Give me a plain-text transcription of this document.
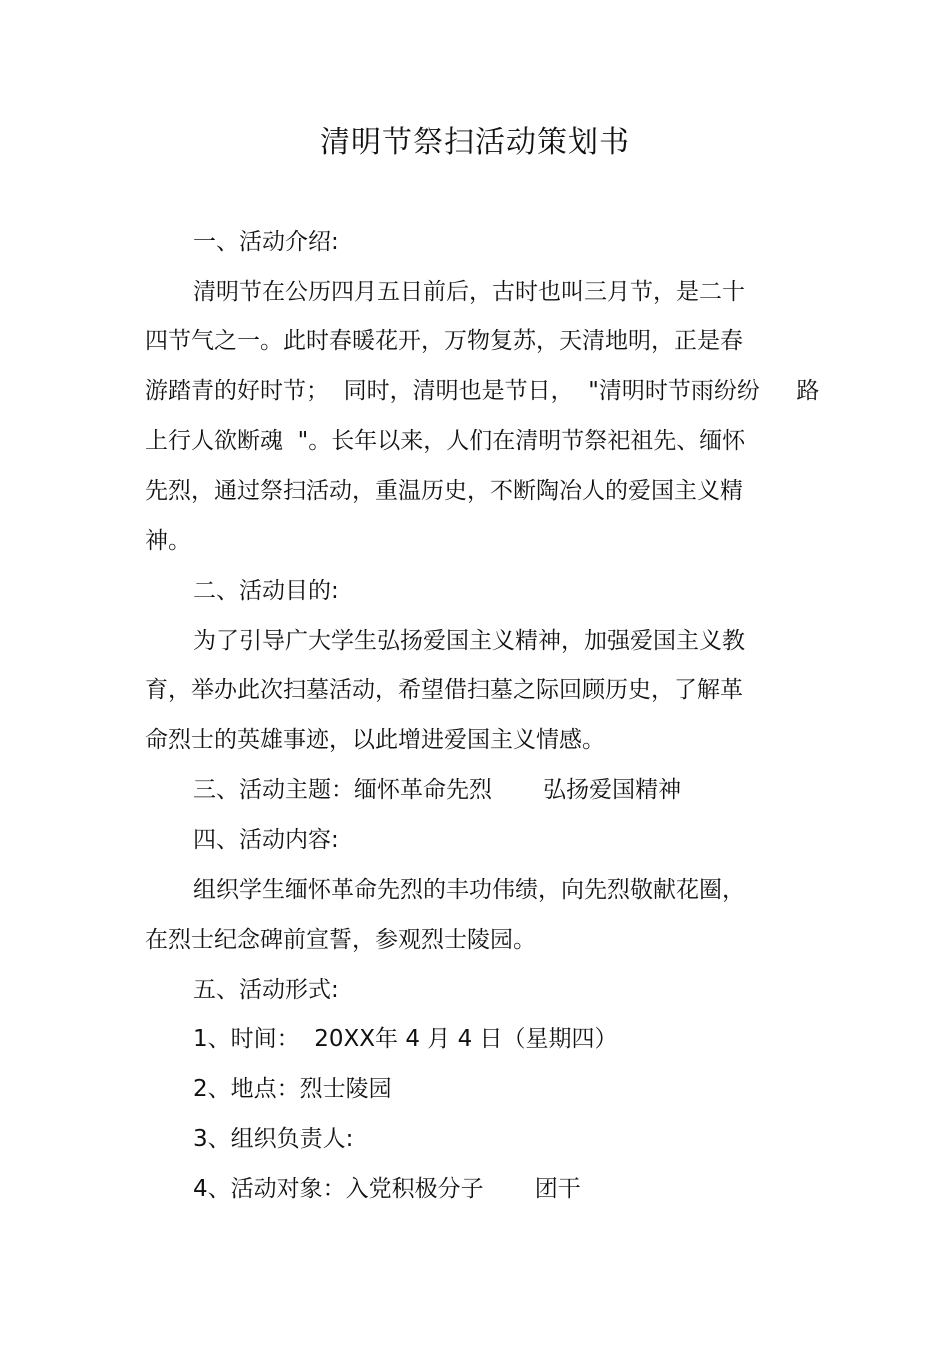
清明节祭扫活动策划书
一、活动介绍:
清明节在公历四月五日前后，古时也叫三月节，是二十
四节气之一。此时春暖花开，万物复苏，天清地明，正是春
游踏青的好时节；  同时，清明也是节日，  "清明时节雨纷纷     路
上行人欲断魂  "。长年以来，人们在清明节祭祀祖先、缅怀
先烈，通过祭扫活动，重温历史，不断陶冶人的爱国主义精
神。
二、活动目的:
为了引导广大学生弘扬爱国主义精神，加强爱国主义教
育，举办此次扫墓活动，希望借扫墓之际回顾历史，了解革
命烈士的英雄事迹，以此增进爱国主义情感。
三、活动主题：缅怀革命先烈       弘扬爱国精神
四、活动内容:
组织学生缅怀革命先烈的丰功伟绩，向先烈敬献花圈，
在烈士纪念碑前宣誓，参观烈士陵园。
五、活动形式:
1、时间：  20XX年 4 月 4 日（星期四）
2、地点：烈士陵园
3、组织负责人:
4、活动对象：入党积极分子       团干
